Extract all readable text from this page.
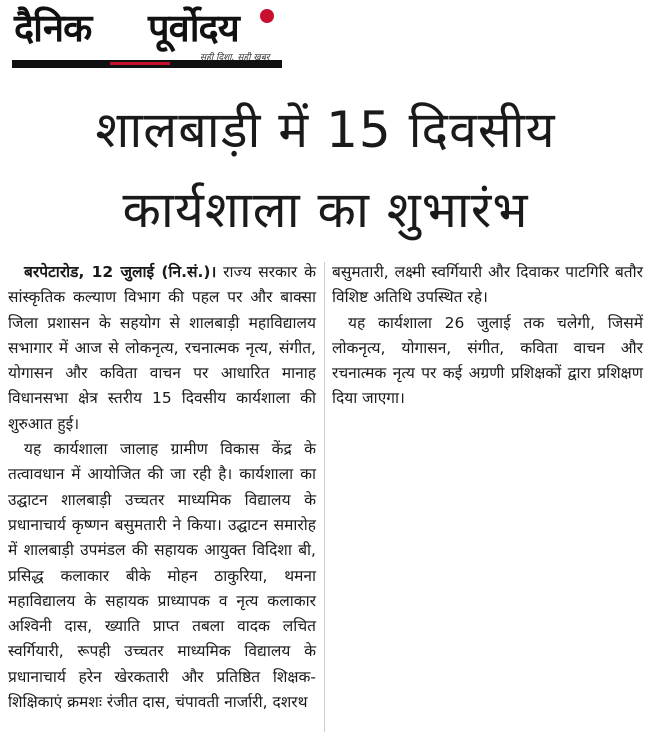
दैनिक पूर्वोदय
सही दिशा, सही खबर
शालबाड़ी में 15 दिवसीय
कार्यशाला का शुभारंभ

बरपेटारोड, 12 जुलाई (नि.सं.)। राज्य सरकार के सांस्कृतिक कल्याण विभाग की पहल पर और बाक्सा जिला प्रशासन के सहयोग से शालबाड़ी महाविद्यालय सभागार में आज से लोकनृत्य, रचनात्मक नृत्य, संगीत, योगासन और कविता वाचन पर आधारित मानाह विधानसभा क्षेत्र स्तरीय 15 दिवसीय कार्यशाला की शुरुआत हुई।

यह कार्यशाला जालाह ग्रामीण विकास केंद्र के तत्वावधान में आयोजित की जा रही है। कार्यशाला का उद्घाटन शालबाड़ी उच्चतर माध्यमिक विद्यालय के प्रधानाचार्य कृष्णन बसुमतारी ने किया। उद्घाटन समारोह में शालबाड़ी उपमंडल की सहायक आयुक्त विदिशा बी, प्रसिद्ध कलाकार बीके मोहन ठाकुरिया, थमना महाविद्यालय के सहायक प्राध्यापक व नृत्य कलाकार अश्विनी दास, ख्याति प्राप्त तबला वादक लचित स्वर्गियारी, रूपही उच्चतर माध्यमिक विद्यालय के प्रधानाचार्य हरेन खेरकतारी और प्रतिष्ठित शिक्षक-शिक्षिकाएं क्रमशः रंजीत दास, चंपावती नार्जारी, दशरथ

बसुमतारी, लक्ष्मी स्वर्गियारी और दिवाकर पाटगिरि बतौर विशिष्ट अतिथि उपस्थित रहे।

यह कार्यशाला 26 जुलाई तक चलेगी, जिसमें लोकनृत्य, योगासन, संगीत, कविता वाचन और रचनात्मक नृत्य पर कई अग्रणी प्रशिक्षकों द्वारा प्रशिक्षण दिया जाएगा।
